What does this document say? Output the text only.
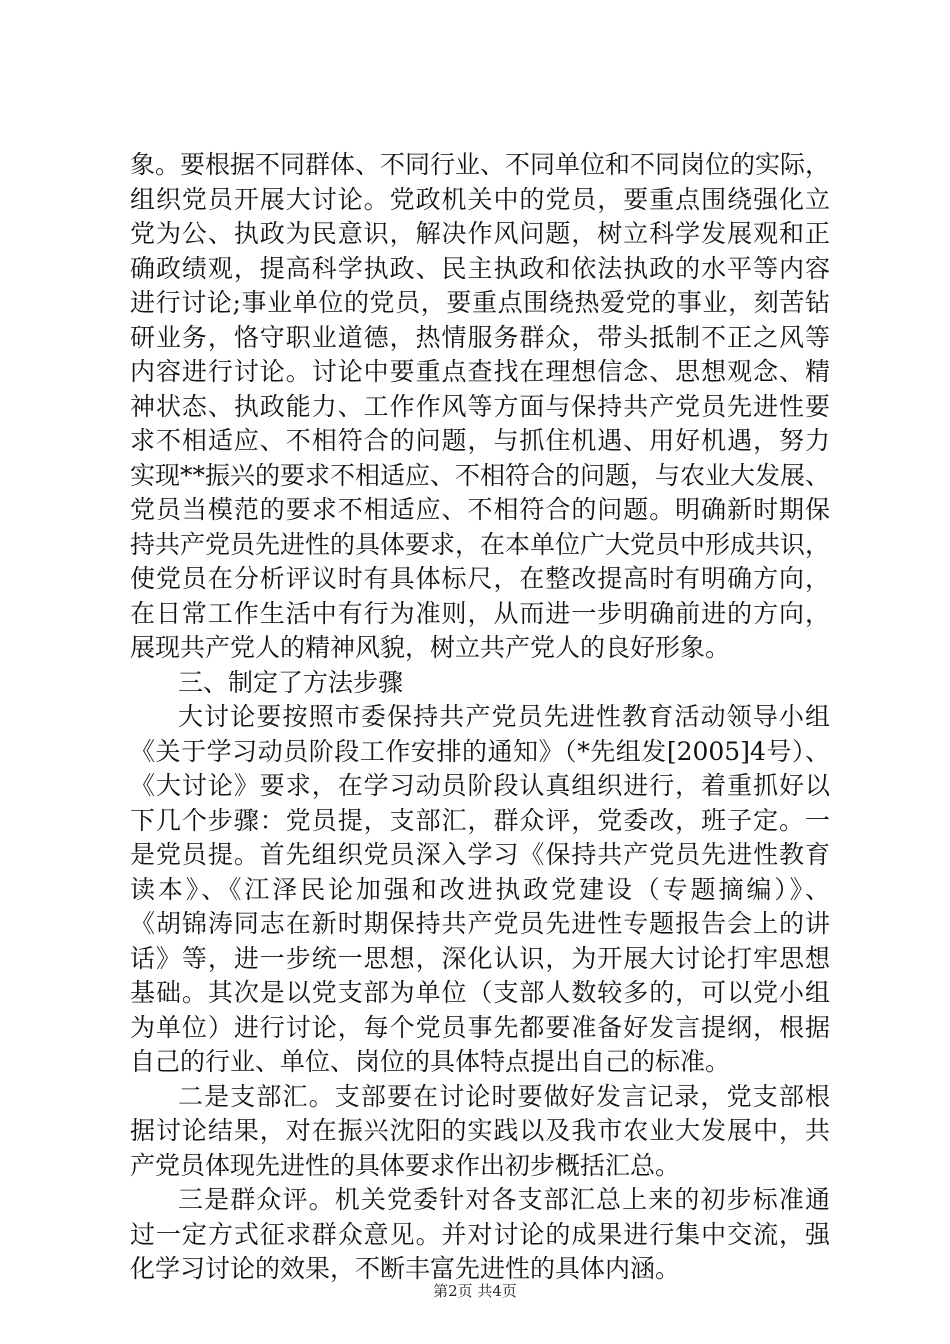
象。要根据不同群体、不同行业、不同单位和不同岗位的实际，
组织党员开展大讨论。党政机关中的党员，要重点围绕强化立
党为公、执政为民意识，解决作风问题，树立科学发展观和正
确政绩观，提高科学执政、民主执政和依法执政的水平等内容
进行讨论;事业单位的党员，要重点围绕热爱党的事业，刻苦钻
研业务，恪守职业道德，热情服务群众，带头抵制不正之风等
内容进行讨论。讨论中要重点查找在理想信念、思想观念、精
神状态、执政能力、工作作风等方面与保持共产党员先进性要
求不相适应、不相符合的问题，与抓住机遇、用好机遇，努力
实现**振兴的要求不相适应、不相符合的问题，与农业大发展、
党员当模范的要求不相适应、不相符合的问题。明确新时期保
持共产党员先进性的具体要求，在本单位广大党员中形成共识，
使党员在分析评议时有具体标尺，在整改提高时有明确方向，
在日常工作生活中有行为准则，从而进一步明确前进的方向，
展现共产党人的精神风貌，树立共产党人的良好形象。
三、制定了方法步骤
大讨论要按照市委保持共产党员先进性教育活动领导小组
《关于学习动员阶段工作安排的通知》（*先组发[2005]4号）、
《大讨论》要求，在学习动员阶段认真组织进行，着重抓好以
下几个步骤：党员提，支部汇，群众评，党委改，班子定。一
是党员提。首先组织党员深入学习《保持共产党员先进性教育
读本》、《江泽民论加强和改进执政党建设（专题摘编）》、
《胡锦涛同志在新时期保持共产党员先进性专题报告会上的讲
话》等，进一步统一思想，深化认识，为开展大讨论打牢思想
基础。其次是以党支部为单位（支部人数较多的，可以党小组
为单位）进行讨论，每个党员事先都要准备好发言提纲，根据
自己的行业、单位、岗位的具体特点提出自己的标准。
二是支部汇。支部要在讨论时要做好发言记录，党支部根
据讨论结果，对在振兴沈阳的实践以及我市农业大发展中，共
产党员体现先进性的具体要求作出初步概括汇总。
三是群众评。机关党委针对各支部汇总上来的初步标准通
过一定方式征求群众意见。并对讨论的成果进行集中交流，强
化学习讨论的效果，不断丰富先进性的具体内涵。
第2页 共4页
